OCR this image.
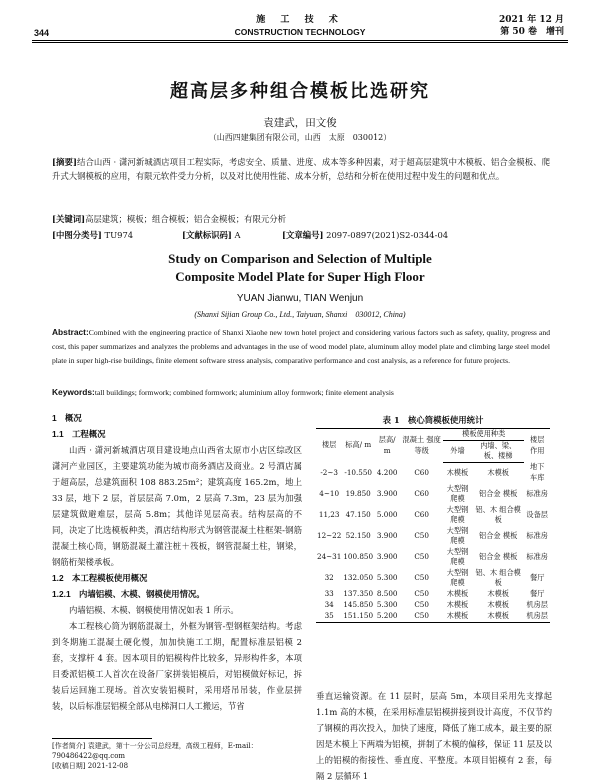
344
施 工 技 术
CONSTRUCTION TECHNOLOGY
2021 年 12 月
第 50 卷　增刊
超高层多种组合模板比选研究
袁建武，田文俊
（山西四建集团有限公司，山西　太原　030012）
[摘要]结合山西 · 潇河新城酒店项目工程实际，考虑安全、质量、进度、成本等多种因素，对于超高层建筑中木模板、铝合金模板、爬升式大钢模板的应用，有限元软件受力分析，以及对比使用性能、成本分析，总结和分析在使用过程中发生的问题和优点。
[关键词]高层建筑；模板；组合模板；铝合金模板；有限元分析
[中图分类号] TU974	[文献标识码] A	[文章编号] 2097-0897(2021)S2-0344-04
Study on Comparison and Selection of Multiple
Composite Model Plate for Super High Floor
YUAN Jianwu, TIAN Wenjun
(Shanxi Sijian Group Co., Ltd., Taiyuan, Shanxi　030012, China)
Abstract:Combined with the engineering practice of Shanxi Xiaohe new town hotel project and considering various factors such as safety, quality, progress and cost, this paper summarizes and analyzes the problems and advantages in the use of wood model plate, aluminum alloy model plate and climbing large steel model plate in super high-rise buildings, finite element software stress analysis, comparative performance and cost analysis, as a reference for future projects.
Keywords:tall buildings; formwork; combined formwork; aluminium alloy formwork; finite element analysis
1　概况
1.1　工程概况

山西 · 潇河新城酒店项目建设地点山西省太原市小店区综改区潇河产业园区，主要建筑功能为城市商务酒店及商业。2 号酒店属于超高层，总建筑面积 108 883.25m²；建筑高度 165.2m，地上 33 层，地下 2 层，首层层高 7.0m，2 层高 7.3m，23 层为加强层建筑做避难层，层高 5.8m；其他详见层高表。结构层高的不同，决定了比选模板种类，酒店结构形式为钢管混凝土柱框架-钢筋混凝土核心筒，钢筋混凝土灌注桩＋筏板，钢管混凝土柱，钢梁，钢筋桁架楼承板。

1.2　本工程模板使用概况
1.2.1　内墙铝模、木模、钢模使用情况。

内墙铝模、木模、钢模使用情况如表 1 所示。

本工程核心筒为钢筋混凝土，外框为钢管-型钢框架结构。考虑到冬期施工混凝土硬化慢，加加快施工工期，配置标准层铝模 2 套，支撑杆 4 套。因本项目的铝模构件比较多，异形构件多，本项目委派铝模工人首次在设备厂家拼装铝模后，对铝模做好标记，拆装后运回施工现场。首次安装铝模时，采用塔吊吊装，作业层拼装，以后标准层铝模全部从电梯洞口人工搬运，节省

表 1　核心筒模板使用统计
楼层	标高/ m	层高/ m	混凝土 强度等级	模板使用种类		楼层 作用
				外墙	内墙、梁、 板、楼梯	
-2~3	-10.550	4.200	C60	木模板	木模板	地下 车库
4~10	19.850	3.900	C60	大型钢爬模	铝合金 模板	标准房
11,23	47.150	5.000	C60	大型钢爬模	铝、木 组合模板	设备层
12~22	52.150	3.900	C50	大型钢爬模	铝合金 模板	标准房
24~31	100.850	3.900	C50	大型钢爬模	铝合金 模板	标准房
32	132.050	5.300	C50	大型钢爬模	铝、木 组合模板	餐厅
33	137.350	8.500	C50	木模板	木模板	餐厅
34	145.850	5.300	C50	木模板	木模板	机房层
35	151.150	5.200	C50	木模板	木模板	机房层
垂直运输资源。在 11 层时，层高 5m，本项目采用先支撑起 1.1m 高的木模，在采用标准层铝模拼接到设计高度，不仅节约了钢模的再次投入，加快了速度，降低了施工成本，最主要的原因是木模上下两端为铝模，拼制了木模的偏移，保证 11 层及以上的铝模的衔接性、垂直度、平整度。本项目铝模有 2 套，每隔 2 层循环 1
[作者简介] 袁建武，第十一分公司总经理，高级工程师，E-mail：790486422@qq.com
[收稿日期] 2021-12-08
